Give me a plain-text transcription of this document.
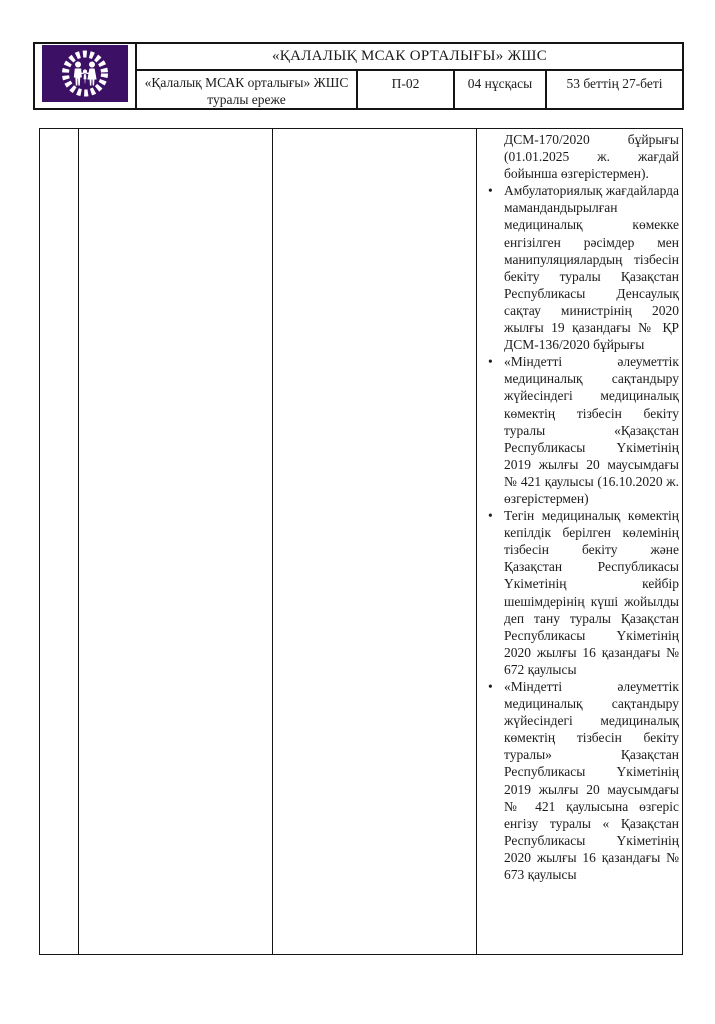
	«ҚАЛАЛЫҚ МСАК ОРТАЛЫҒЫ» ЖШС			
	«Қалалық МСАК орталығы» ЖШС туралы ереже	П-02	04 нұсқасы	53 беттің 27-беті

ДСМ-170/2020 бұйрығы (01.01.2025 ж. жағдай бойынша өзгерістермен).

• Амбулаториялық жағдайларда мамандандырылған медициналық көмекке енгізілген рәсімдер мен манипуляциялардың тізбесін бекіту туралы Қазақстан Республикасы Денсаулық сақтау министрінің 2020 жылғы 19 қазандағы № ҚР ДСМ-136/2020 бұйрығы
• «Міндетті әлеуметтік медициналық сақтандыру жүйесіндегі медициналық көмектің тізбесін бекіту туралы «Қазақстан Республикасы Үкіметінің 2019 жылғы 20 маусымдағы № 421 қаулысы (16.10.2020 ж. өзгерістермен)
• Тегін медициналық көмектің кепілдік берілген көлемінің тізбесін бекіту және Қазақстан Республикасы Үкіметінің кейбір шешімдерінің күші жойылды деп тану туралы Қазақстан Республикасы Үкіметінің 2020 жылғы 16 қазандағы № 672 қаулысы
• «Міндетті әлеуметтік медициналық сақтандыру жүйесіндегі медициналық көмектің тізбесін бекіту туралы» Қазақстан Республикасы Үкіметінің 2019 жылғы 20 маусымдағы № 421 қаулысына өзгеріс енгізу туралы « Қазақстан Республикасы Үкіметінің 2020 жылғы 16 қазандағы № 673 қаулысы
